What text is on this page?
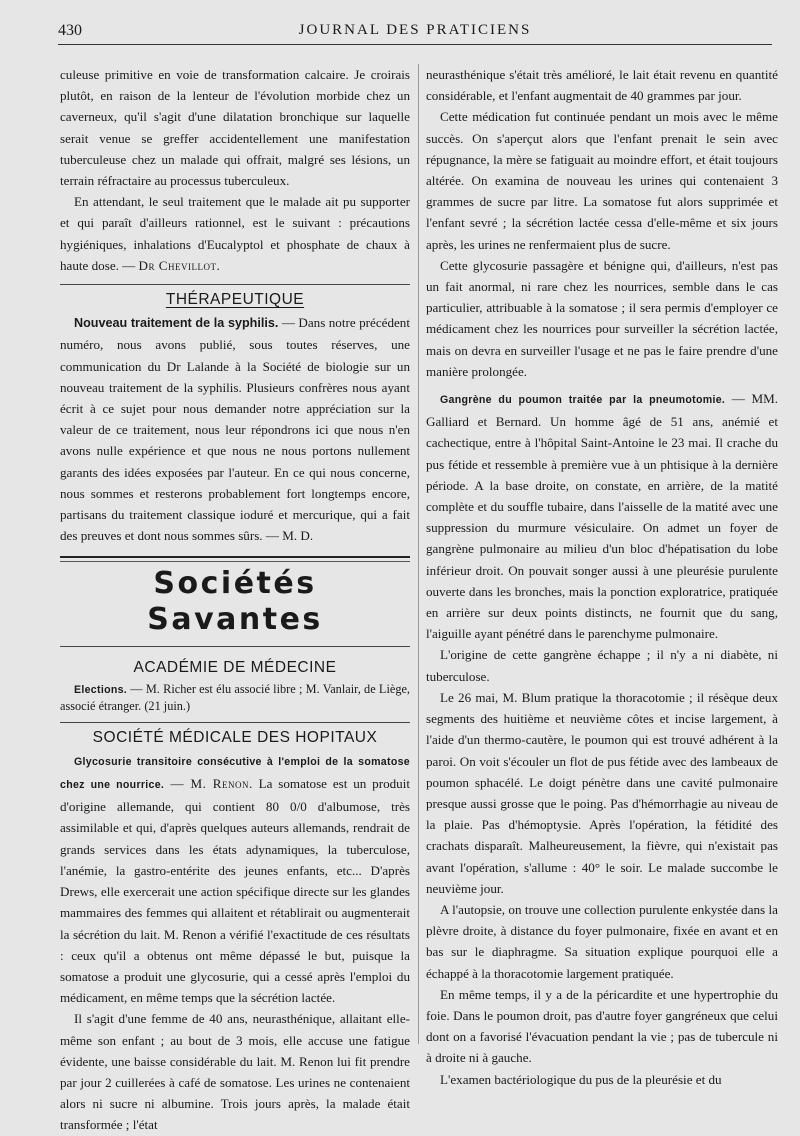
430	JOURNAL DES PRATICIENS

culeuse primitive en voie de transformation calcaire. Je croirais plutôt, en raison de la lenteur de l'évolution morbide chez un caverneux, qu'il s'agit d'une dilatation bronchique sur laquelle serait venue se greffer accidentellement une manifestation tuberculeuse chez un malade qui offrait, malgré ses lésions, un terrain réfractaire au processus tuberculeux.

En attendant, le seul traitement que le malade ait pu supporter et qui paraît d'ailleurs rationnel, est le suivant : précautions hygiéniques, inhalations d'Eucalyptol et phosphate de chaux à haute dose. — Dr Chevillot.

THÉRAPEUTIQUE

Nouveau traitement de la syphilis. — Dans notre précédent numéro, nous avons publié, sous toutes réserves, une communication du Dr Lalande à la Société de biologie sur un nouveau traitement de la syphilis. Plusieurs confrères nous ayant écrit à ce sujet pour nous demander notre appréciation sur la valeur de ce traitement, nous leur répondrons ici que nous n'en avons nulle expérience et que nous ne nous portons nullement garants des idées exposées par l'auteur. En ce qui nous concerne, nous sommes et resterons probablement fort longtemps encore, partisans du traitement classique ioduré et mercurique, qui a fait des preuves et dont nous sommes sûrs. — M. D.

Sociétés Savantes
ACADÉMIE DE MÉDECINE

Elections. — M. Richer est élu associé libre ; M. Vanlair, de Liège, associé étranger. (21 juin.)

SOCIÉTÉ MÉDICALE DES HOPITAUX

Glycosurie transitoire consécutive à l'emploi de la somatose chez une nourrice. — M. Renon. La somatose est un produit d'origine allemande, qui contient 80 0/0 d'albumose, très assimilable et qui, d'après quelques auteurs allemands, rendrait de grands services dans les états adynamiques, la tuberculose, l'anémie, la gastro-entérite des jeunes enfants, etc... D'après Drews, elle exercerait une action spécifique directe sur les glandes mammaires des femmes qui allaitent et rétablirait ou augmenterait la sécrétion du lait. M. Renon a vérifié l'exactitude de ces résultats : ceux qu'il a obtenus ont même dépassé le but, puisque la somatose a produit une glycosurie, qui a cessé après l'emploi du médicament, en même temps que la sécrétion lactée.

Il s'agit d'une femme de 40 ans, neurasthénique, allaitant elle-même son enfant ; au bout de 3 mois, elle accuse une fatigue évidente, une baisse considérable du lait. M. Renon lui fit prendre par jour 2 cuillerées à café de somatose. Les urines ne contenaient alors ni sucre ni albumine. Trois jours après, la malade était transformée ; l'état

neurasthénique s'était très amélioré, le lait était revenu en quantité considérable, et l'enfant augmentait de 40 grammes par jour.

Cette médication fut continuée pendant un mois avec le même succès. On s'aperçut alors que l'enfant prenait le sein avec répugnance, la mère se fatiguait au moindre effort, et était toujours altérée. On examina de nouveau les urines qui contenaient 3 grammes de sucre par litre. La somatose fut alors supprimée et l'enfant sevré ; la sécrétion lactée cessa d'elle-même et six jours après, les urines ne renfermaient plus de sucre.

Cette glycosurie passagère et bénigne qui, d'ailleurs, n'est pas un fait anormal, ni rare chez les nourrices, semble dans le cas particulier, attribuable à la somatose ; il sera permis d'employer ce médicament chez les nourrices pour surveiller la sécrétion lactée, mais on devra en surveiller l'usage et ne pas le faire prendre d'une manière prolongée.

Gangrène du poumon traitée par la pneumotomie. — MM. Galliard et Bernard. Un homme âgé de 51 ans, anémié et cachectique, entre à l'hôpital Saint-Antoine le 23 mai. Il crache du pus fétide et ressemble à première vue à un phtisique à la dernière période. A la base droite, on constate, en arrière, de la matité complète et du souffle tubaire, dans l'aisselle de la matité avec une suppression du murmure vésiculaire. On admet un foyer de gangrène pulmonaire au milieu d'un bloc d'hépatisation du lobe inférieur droit. On pouvait songer aussi à une pleurésie purulente ouverte dans les bronches, mais la ponction exploratrice, pratiquée en arrière sur deux points distincts, ne fournit que du sang, l'aiguille ayant pénétré dans le parenchyme pulmonaire.

L'origine de cette gangrène échappe ; il n'y a ni diabète, ni tuberculose.

Le 26 mai, M. Blum pratique la thoracotomie ; il résèque deux segments des huitième et neuvième côtes et incise largement, à l'aide d'un thermo-cautère, le poumon qui est trouvé adhérent à la paroi. On voit s'écouler un flot de pus fétide avec des lambeaux de poumon sphacélé. Le doigt pénètre dans une cavité pulmonaire presque aussi grosse que le poing. Pas d'hémorrhagie au niveau de la plaie. Pas d'hémoptysie. Après l'opération, la fétidité des crachats disparaît. Malheureusement, la fièvre, qui n'existait pas avant l'opération, s'allume : 40° le soir. Le malade succombe le neuvième jour.

A l'autopsie, on trouve une collection purulente enkystée dans la plèvre droite, à distance du foyer pulmonaire, fixée en avant et en bas sur le diaphragme. Sa situation explique pourquoi elle a échappé à la thoracotomie largement pratiquée.

En même temps, il y a de la péricardite et une hypertrophie du foie. Dans le poumon droit, pas d'autre foyer gangréneux que celui dont on a favorisé l'évacuation pendant la vie ; pas de tubercule ni à droite ni à gauche.

L'examen bactériologique du pus de la pleurésie et du
